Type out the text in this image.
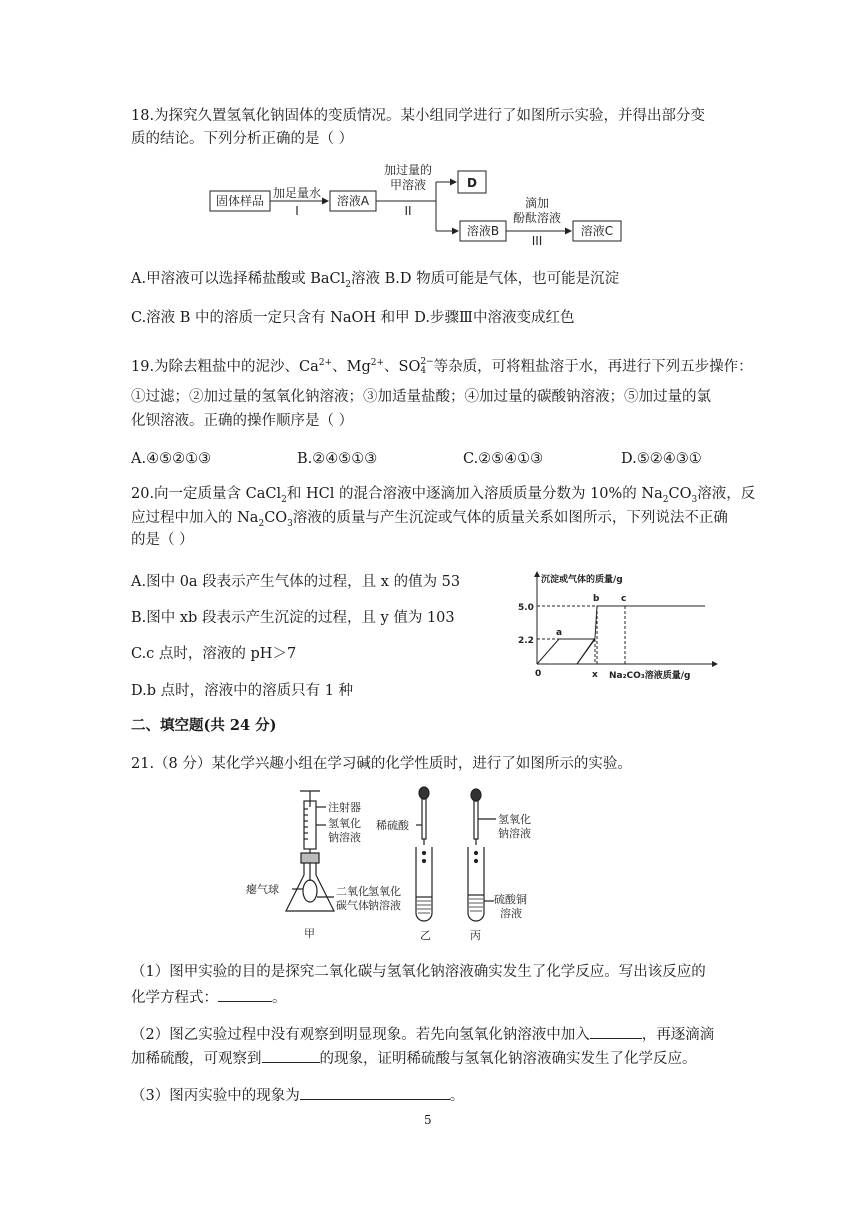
18.为探究久置氢氧化钠固体的变质情况。某小组同学进行了如图所示实验，并得出部分变
质的结论。下列分析正确的是（ ）
固体样品
加足量水
I
溶液A
加过量的
甲溶液
II
D
溶液B
滴加
酚酞溶液
III
溶液C
A.甲溶液可以选择稀盐酸或 BaCl$_2$溶液 B.D 物质可能是气体，也可能是沉淀
C.溶液 B 中的溶质一定只含有 NaOH 和甲 D.步骤Ⅲ中溶液变成红色
19.为除去粗盐中的泥沙、$Ca^{2+}$、$Mg^{2+}$、SO 2−
4 等杂质，可将粗盐溶于水，再进行下列五步操作：
①过滤；②加过量的氢氧化钠溶液；③加适量盐酸；④加过量的碳酸钠溶液；⑤加过量的氯
化钡溶液。正确的操作顺序是（ ）
A.④⑤②①③	B.②④⑤①③	C.②⑤④①③	D.⑤②④③①
20.向一定质量含 CaCl$_2$和 HCl 的混合溶液中逐滴加入溶质质量分数为 10%的 $Na_2CO_3$溶液，反
应过程中加入的 $Na_2CO_3$溶液的质量与产生沉淀或气体的质量关系如图所示，下列说法不正确
的是（ ）
A.图中 0a 段表示产生气体的过程，且 x 的值为 53
B.图中 xb 段表示产生沉淀的过程，且 y 值为 103
C.c 点时，溶液的 pH＞7
D.b 点时，溶液中的溶质只有 1 种
沉淀或气体的质量/g
5.0
2.2
0
a
b c
x Na₂CO₃溶液质量/g
二、填空题(共 24 分)
21.（8 分）某化学兴趣小组在学习碱的化学性质时，进行了如图所示的实验。
注射器
氢氧化
钠溶液
瘪气球	二氧化
碳气体
甲
稀硫酸
氢氧化
钠溶液
乙
氢氧化
钠溶液
硫酸铜
溶液
丙
（1）图甲实验的目的是探究二氧化碳与氢氧化钠溶液确实发生了化学反应。写出该反应的
化学方程式：	。
（2）图乙实验过程中没有观察到明显现象。若先向氢氧化钠溶液中加入	，再逐滴滴
加稀硫酸，可观察到	的现象，证明稀硫酸与氢氧化钠溶液确实发生了化学反应。
（3）图丙实验中的现象为	。
5
